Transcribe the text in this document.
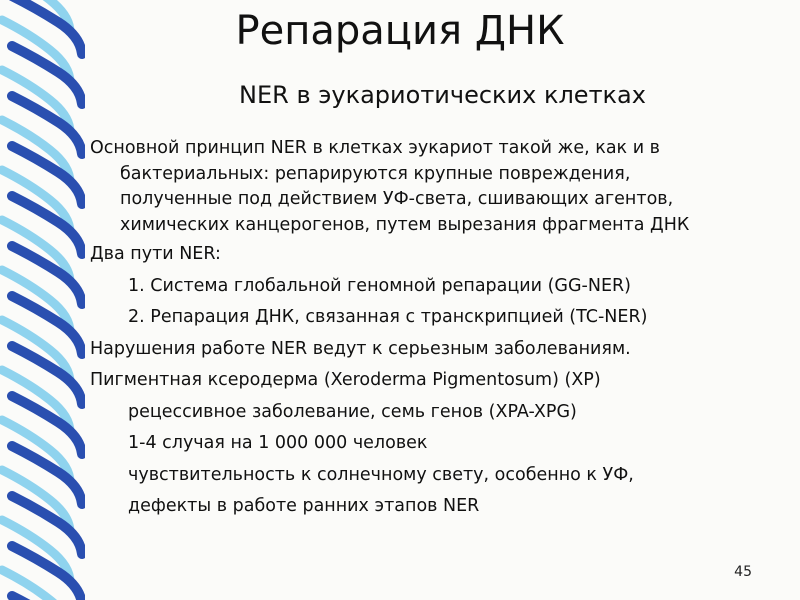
Репарация ДНК
NER в эукариотических клетках

Основной принцип NER в клетках эукариот такой же, как и в
бактериальных: репарируются крупные повреждения,
полученные под действием УФ-света, сшивающих агентов,
химических канцерогенов, путем вырезания фрагмента ДНК

Два пути NER:

1. Система глобальной геномной репарации (GG-NER)

2. Репарация ДНК, связанная с транскрипцией (TC-NER)

Нарушения работе NER ведут к серьезным заболеваниям.

Пигментная ксеродерма (Xeroderma Pigmentosum) (XP)

рецессивное заболевание, семь генов (XPA-XPG)

1-4 случая на 1 000 000 человек

чувствительность к солнечному свету, особенно к УФ,

дефекты в работе ранних этапов NER

45
